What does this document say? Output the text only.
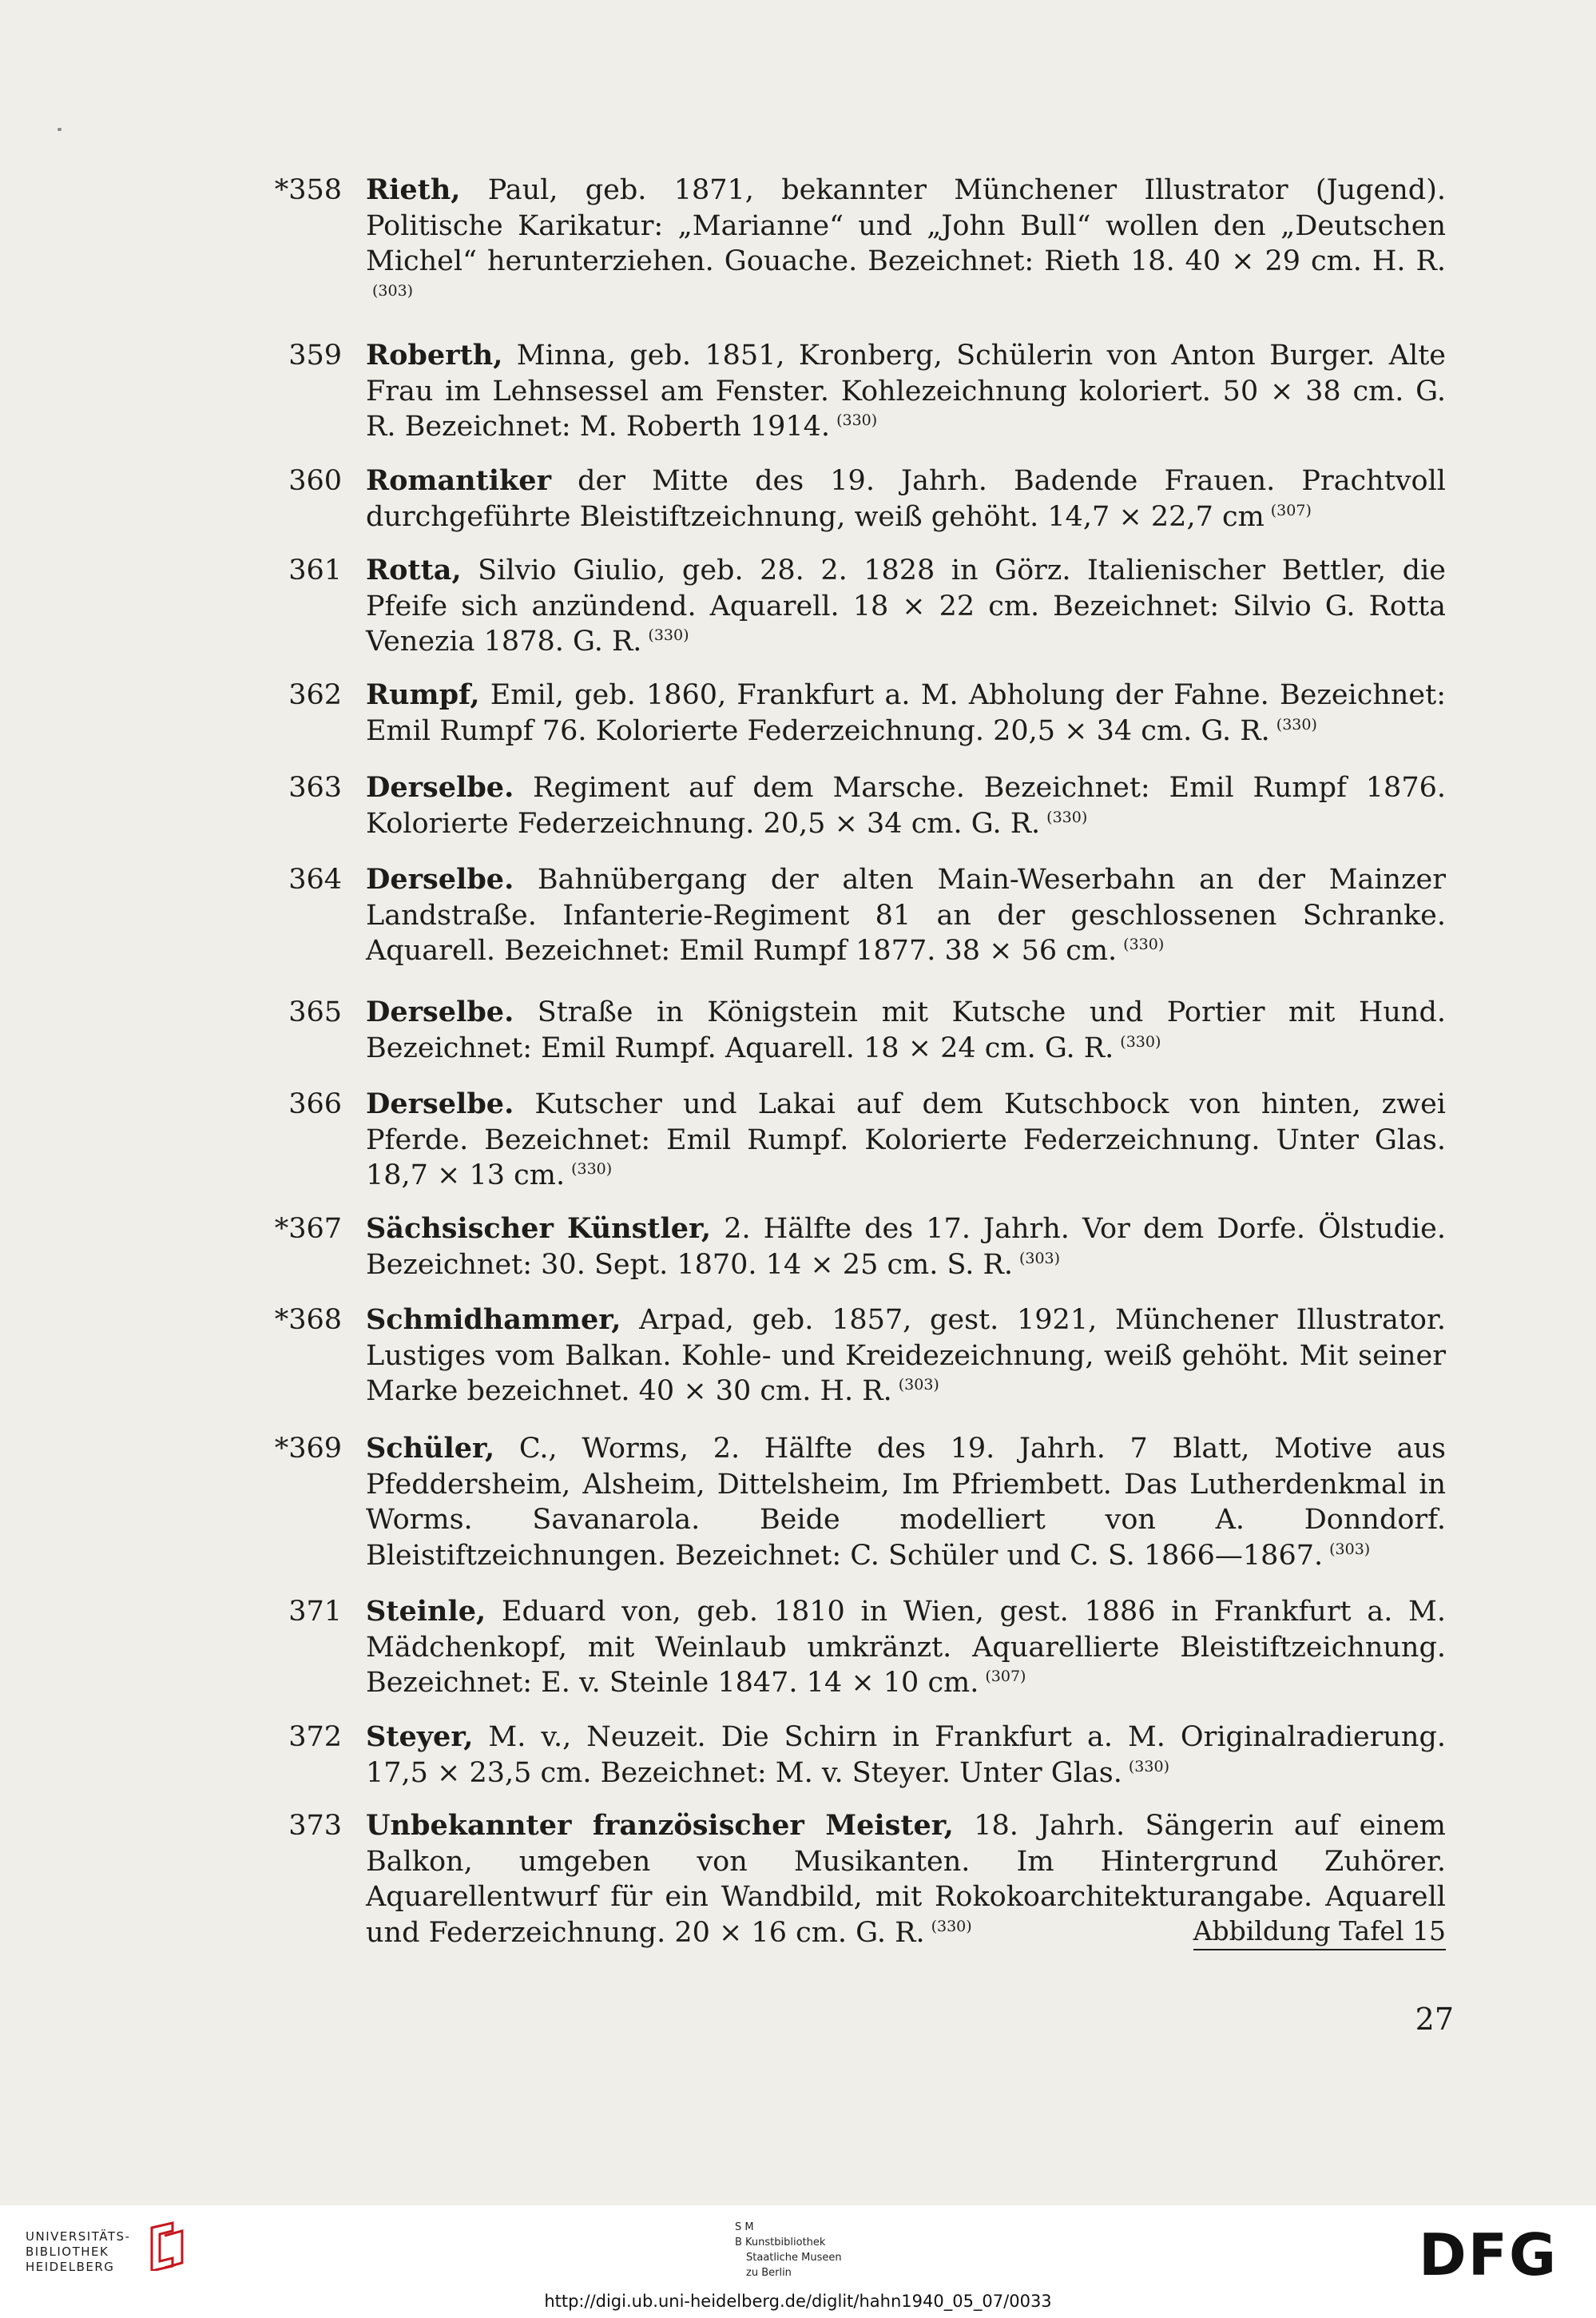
*358 Rieth, Paul, geb. 1871, bekannter Münchener Illustrator (Jugend). Politische Karikatur: „Marianne“ und „John Bull“ wollen den „Deutschen Michel“ herunterziehen. Gouache. Bezeichnet: Rieth 18. 40 × 29 cm. H. R.$^{(303)}$
359 Roberth, Minna, geb. 1851, Kronberg, Schülerin von Anton Burger. Alte Frau im Lehnsessel am Fenster. Kohlezeichnung koloriert. 50 × 38 cm. G. R. Bezeichnet: M. Roberth 1914. $^{(330)}$
360 Romantiker der Mitte des 19. Jahrh. Badende Frauen. Prachtvoll durchgeführte Bleistiftzeichnung, weiß gehöht. 14,7 × 22,7 cm $^{(307)}$
361 Rotta, Silvio Giulio, geb. 28. 2. 1828 in Görz. Italienischer Bettler, die Pfeife sich anzündend. Aquarell. 18 × 22 cm. Bezeichnet: Silvio G. Rotta Venezia 1878. G. R. $^{(330)}$
362 Rumpf, Emil, geb. 1860, Frankfurt a. M. Abholung der Fahne. Bezeichnet: Emil Rumpf 76. Kolorierte Federzeichnung. 20,5 × 34 cm. G. R. $^{(330)}$
363 Derselbe. Regiment auf dem Marsche. Bezeichnet: Emil Rumpf 1876. Kolorierte Federzeichnung. 20,5 × 34 cm. G. R. $^{(330)}$
364 Derselbe. Bahnübergang der alten Main-Weserbahn an der Mainzer Landstraße. Infanterie-Regiment 81 an der geschlossenen Schranke. Aquarell. Bezeichnet: Emil Rumpf 1877. 38 × 56 cm. $^{(330)}$
365 Derselbe. Straße in Königstein mit Kutsche und Portier mit Hund. Bezeichnet: Emil Rumpf. Aquarell. 18 × 24 cm. G. R. $^{(330)}$
366 Derselbe. Kutscher und Lakai auf dem Kutschbock von hinten, zwei Pferde. Bezeichnet: Emil Rumpf. Kolorierte Federzeichnung. Unter Glas. 18,7 × 13 cm. $^{(330)}$
*367 Sächsischer Künstler, 2. Hälfte des 17. Jahrh. Vor dem Dorfe. Ölstudie. Bezeichnet: 30. Sept. 1870. 14 × 25 cm. S. R. $^{(303)}$
*368 Schmidhammer, Arpad, geb. 1857, gest. 1921, Münchener Illustrator. Lustiges vom Balkan. Kohle- und Kreidezeichnung, weiß gehöht. Mit seiner Marke bezeichnet. 40 × 30 cm. H. R. $^{(303)}$
*369 Schüler, C., Worms, 2. Hälfte des 19. Jahrh. 7 Blatt, Motive aus Pfeddersheim, Alsheim, Dittelsheim, Im Pfriembett. Das Lutherdenkmal in Worms. Savanarola. Beide modelliert von A. Donndorf. Bleistiftzeichnungen. Bezeichnet: C. Schüler und C. S. 1866—1867. $^{(303)}$
371 Steinle, Eduard von, geb. 1810 in Wien, gest. 1886 in Frankfurt a. M. Mädchenkopf, mit Weinlaub umkränzt. Aquarellierte Bleistiftzeichnung. Bezeichnet: E. v. Steinle 1847. 14 × 10 cm. $^{(307)}$
372 Steyer, M. v., Neuzeit. Die Schirn in Frankfurt a. M. Originalradierung. 17,5 × 23,5 cm. Bezeichnet: M. v. Steyer. Unter Glas. $^{(330)}$
373 Unbekannter französischer Meister, 18. Jahrh. Sängerin auf einem Balkon, umgeben von Musikanten. Im Hintergrund Zuhörer. Aquarellentwurf für ein Wandbild, mit Rokokoarchitekturangabe. Aquarell und Federzeichnung. 20 × 16 cm. G. R. $^{(330)}$	Abbildung Tafel 15
27
UNIVERSITÄTS-
BIBLIOTHEK
HEIDELBERG
S M
B Kunstbibliothek
Staatliche Museen
zu Berlin	DFG
http://digi.ub.uni-heidelberg.de/diglit/hahn1940_05_07/0033
